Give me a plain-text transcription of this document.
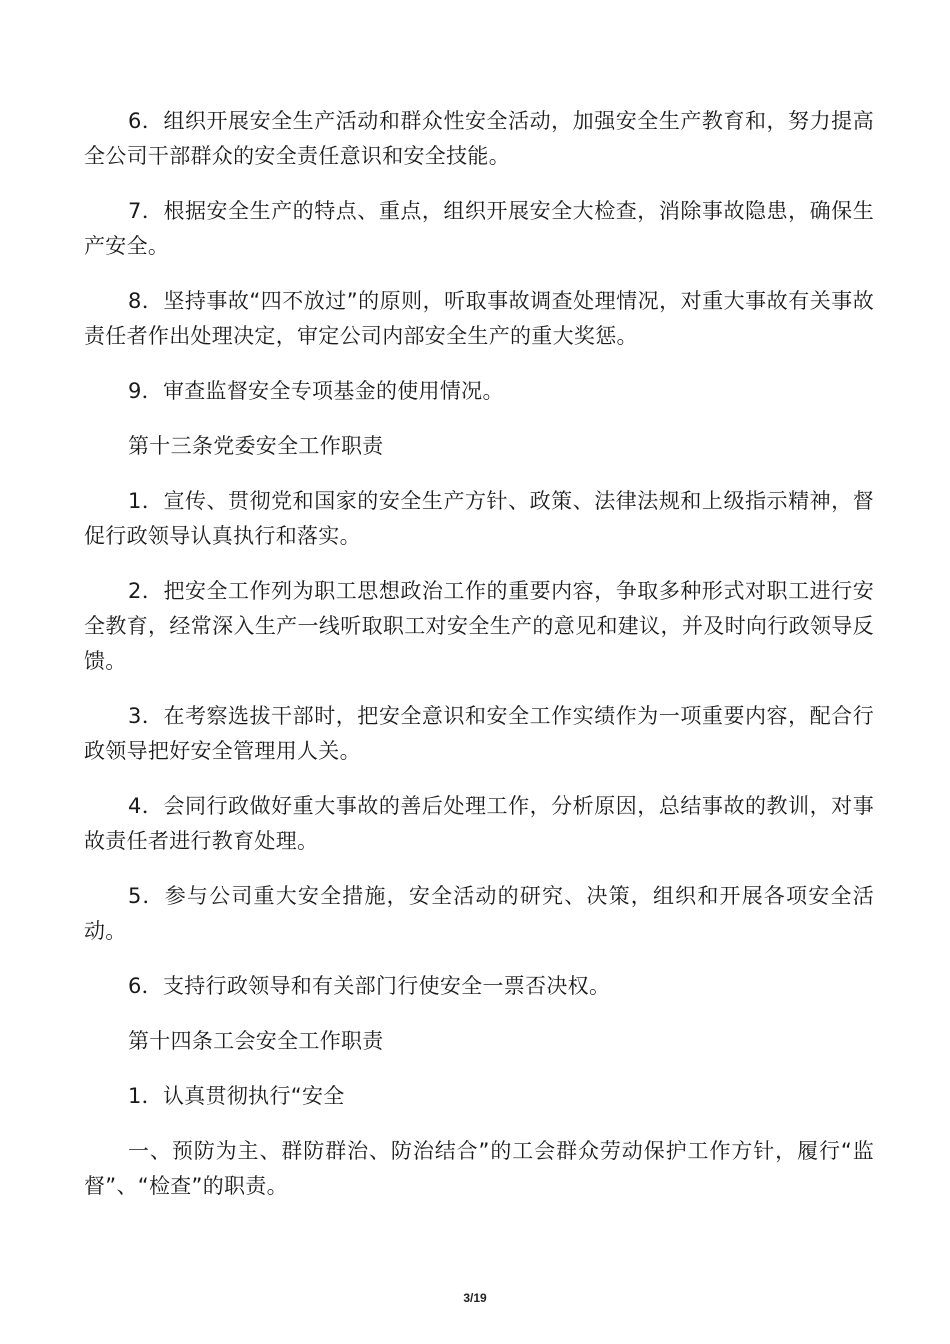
6．组织开展安全生产活动和群众性安全活动，加强安全生产教育和，努力提高全公司干部群众的安全责任意识和安全技能。

7．根据安全生产的特点、重点，组织开展安全大检查，消除事故隐患，确保生产安全。

8．坚持事故“四不放过”的原则，听取事故调查处理情况，对重大事故有关事故责任者作出处理决定，审定公司内部安全生产的重大奖惩。

9．审查监督安全专项基金的使用情况。

第十三条党委安全工作职责

1．宣传、贯彻党和国家的安全生产方针、政策、法律法规和上级指示精神，督促行政领导认真执行和落实。

2．把安全工作列为职工思想政治工作的重要内容，争取多种形式对职工进行安全教育，经常深入生产一线听取职工对安全生产的意见和建议，并及时向行政领导反馈。

3．在考察选拔干部时，把安全意识和安全工作实绩作为一项重要内容，配合行政领导把好安全管理用人关。

4．会同行政做好重大事故的善后处理工作，分析原因，总结事故的教训，对事故责任者进行教育处理。

5．参与公司重大安全措施，安全活动的研究、决策，组织和开展各项安全活动。

6．支持行政领导和有关部门行使安全一票否决权。

第十四条工会安全工作职责

1．认真贯彻执行“安全

一、预防为主、群防群治、防治结合”的工会群众劳动保护工作方针，履行“监督”、“检查”的职责。

3/19
